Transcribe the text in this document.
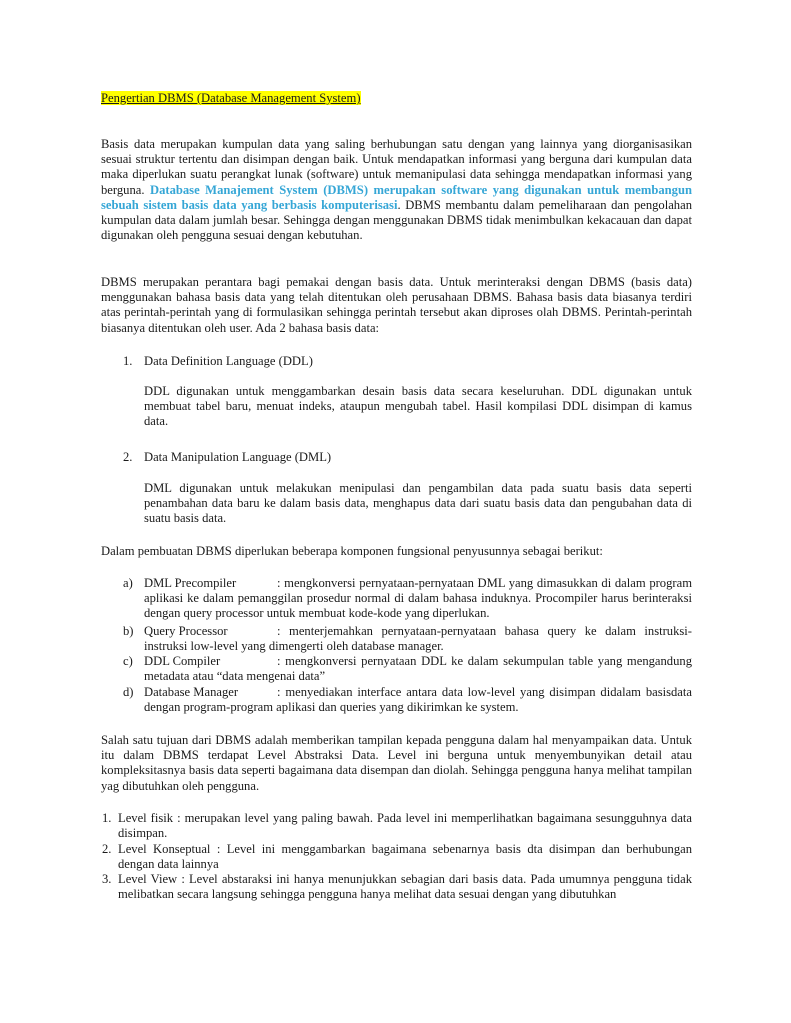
Pengertian DBMS (Database Management System)

Basis data merupakan kumpulan data yang saling berhubungan satu dengan yang lainnya yang diorganisasikan sesuai struktur tertentu dan disimpan dengan baik. Untuk mendapatkan informasi yang berguna dari kumpulan data maka diperlukan suatu perangkat lunak (software) untuk memanipulasi data sehingga mendapatkan informasi yang berguna. Database Manajement System (DBMS) merupakan software yang digunakan untuk membangun sebuah sistem basis data yang berbasis komputerisasi. DBMS membantu dalam pemeliharaan dan pengolahan kumpulan data dalam jumlah besar. Sehingga dengan menggunakan DBMS tidak menimbulkan kekacauan dan dapat digunakan oleh pengguna sesuai dengan kebutuhan.

DBMS merupakan perantara bagi pemakai dengan basis data. Untuk merinteraksi dengan DBMS (basis data) menggunakan bahasa basis data yang telah ditentukan oleh perusahaan DBMS. Bahasa basis data biasanya terdiri atas perintah-perintah yang di formulasikan sehingga perintah tersebut akan diproses olah DBMS. Perintah-perintah biasanya ditentukan oleh user. Ada 2 bahasa basis data:

1. Data Definition Language (DDL)

DDL digunakan untuk menggambarkan desain basis data secara keseluruhan. DDL digunakan untuk membuat tabel baru, menuat indeks, ataupun mengubah tabel. Hasil kompilasi DDL disimpan di kamus data.

2. Data Manipulation Language (DML)

DML digunakan untuk melakukan menipulasi dan pengambilan data pada suatu basis data seperti penambahan data baru ke dalam basis data, menghapus data dari suatu basis data dan pengubahan data di suatu basis data.

Dalam pembuatan DBMS diperlukan beberapa komponen fungsional penyusunnya sebagai berikut:

a) DML Precompiler	: mengkonversi pernyataan-pernyataan DML yang dimasukkan di dalam program aplikasi ke dalam pemanggilan prosedur normal di dalam bahasa induknya. Procompiler harus berinteraksi dengan query processor untuk membuat kode-kode yang diperlukan.

b) Query Processor	: menterjemahkan pernyataan-pernyataan bahasa query ke dalam instruksi-instruksi low-level yang dimengerti oleh database manager.

c) DDL Compiler	: mengkonversi pernyataan DDL ke dalam sekumpulan table yang mengandung metadata atau “data mengenai data”

d) Database Manager	: menyediakan interface antara data low-level yang disimpan didalam basisdata dengan program-program aplikasi dan queries yang dikirimkan ke system.

Salah satu tujuan dari DBMS adalah memberikan tampilan kepada pengguna dalam hal menyampaikan data. Untuk itu dalam DBMS terdapat Level Abstraksi Data. Level ini berguna untuk menyembunyikan detail atau kompleksitasnya basis data seperti bagaimana data disempan dan diolah. Sehingga pengguna hanya melihat tampilan yag dibutuhkan oleh pengguna.

1. Level fisik : merupakan level yang paling bawah. Pada level ini memperlihatkan bagaimana sesungguhnya data disimpan.

2. Level Konseptual : Level ini menggambarkan bagaimana sebenarnya basis dta disimpan dan berhubungan dengan data lainnya

3. Level View : Level abstaraksi ini hanya menunjukkan sebagian dari basis data. Pada umumnya pengguna tidak melibatkan secara langsung sehingga pengguna hanya melihat data sesuai dengan yang dibutuhkan
